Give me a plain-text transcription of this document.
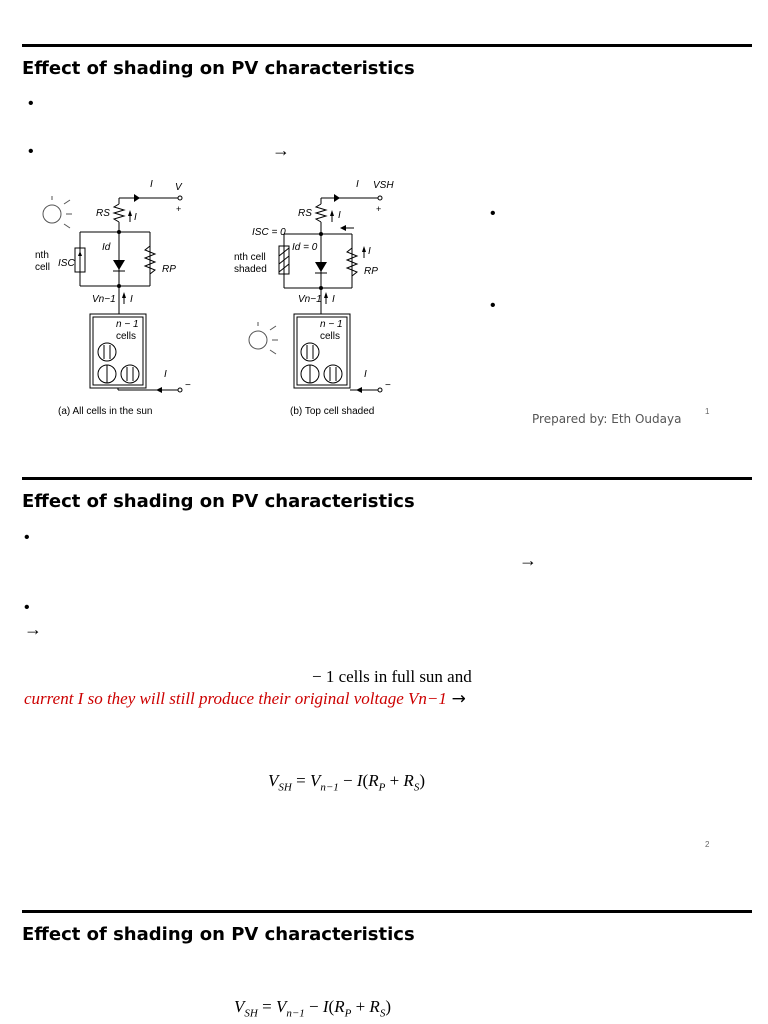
Effect of shading on PV characteristics
•
•	→
•
•
I V
+
RS I
nth
cell ISC
Id
RP
Vn−1 I
n − 1
cells
I
−
(a) All cells in the sun
I VSH
+
RS	I
ISC = 0
Id = 0
nth cell
shaded
I
RP
Vn−1 I
n − 1
cells
I
−
(b) Top cell shaded
Prepared by: Eth Oudaya
1
Effect of shading on PV characteristics
•
→
•
→
− 1 cells in full sun and
current I so they will still produce their original voltage Vn−1 →
$V_{SH} = V_{n-1} - I(R_P + R_S)$
2
Effect of shading on PV characteristics
$V_{SH} = V_{n-1} - I(R_P + R_S)$
